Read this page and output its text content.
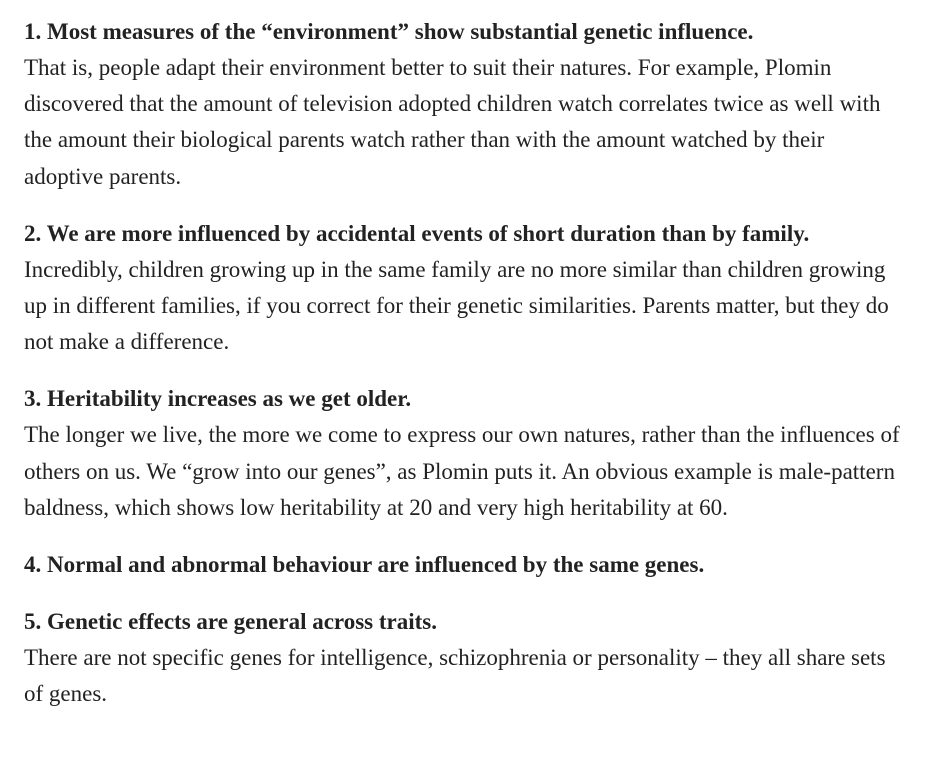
1. Most measures of the “environment” show substantial genetic influence.

That is, people adapt their environment better to suit their natures. For example, Plomin discovered that the amount of television adopted children watch correlates twice as well with the amount their biological parents watch rather than with the amount watched by their adoptive parents.

2. We are more influenced by accidental events of short duration than by family.

Incredibly, children growing up in the same family are no more similar than children growing up in different families, if you correct for their genetic similarities. Parents matter, but they do not make a difference.

3. Heritability increases as we get older.

The longer we live, the more we come to express our own natures, rather than the influences of others on us. We “grow into our genes”, as Plomin puts it. An obvious example is male-pattern baldness, which shows low heritability at 20 and very high heritability at 60.

4. Normal and abnormal behaviour are influenced by the same genes.

5. Genetic effects are general across traits.

There are not specific genes for intelligence, schizophrenia or personality – they all share sets of genes.
